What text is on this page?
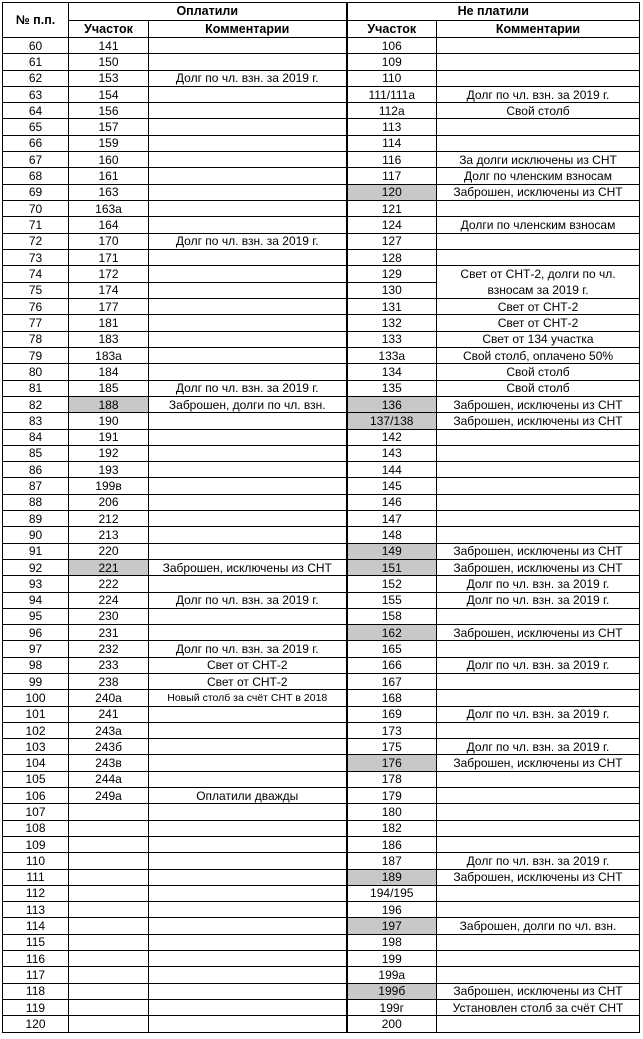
№ п.п.	Оплатили		Не платили	
	Участок	Комментарии	Участок	Комментарии
60	141		106	
61	150		109	
62	153	Долг по чл. взн. за 2019 г.	110	
63	154		111/111а	Долг по чл. взн. за 2019 г.
64	156		112а	Свой столб
65	157		113	
66	159		114	
67	160		116	За долги исключены из СНТ
68	161		117	Долг по членским взносам
69	163		120	Заброшен, исключены из СНТ
70	163а		121	
71	164		124	Долги по членским взносам
72	170	Долг по чл. взн. за 2019 г.	127	
73	171		128	
74	172		129	Свет от СНТ-2, долги по чл. взносам за 2019 г.
75	174		130	
76	177		131	Свет от СНТ-2
77	181		132	Свет от СНТ-2
78	183		133	Свет от 134 участка
79	183а		133а	Свой столб, оплачено 50%
80	184		134	Свой столб
81	185	Долг по чл. взн. за 2019 г.	135	Свой столб
82	188	Заброшен, долги по чл. взн.	136	Заброшен, исключены из СНТ
83	190		137/138	Заброшен, исключены из СНТ
84	191		142	
85	192		143	
86	193		144	
87	199в		145	
88	206		146	
89	212		147	
90	213		148	
91	220		149	Заброшен, исключены из СНТ
92	221	Заброшен, исключены из СНТ	151	Заброшен, исключены из СНТ
93	222		152	Долг по чл. взн. за 2019 г.
94	224	Долг по чл. взн. за 2019 г.	155	Долг по чл. взн. за 2019 г.
95	230		158	
96	231		162	Заброшен, исключены из СНТ
97	232	Долг по чл. взн. за 2019 г.	165	
98	233	Свет от СНТ-2	166	Долг по чл. взн. за 2019 г.
99	238	Свет от СНТ-2	167	
100	240а	Новый столб за счёт СНТ в 2018	168	
101	241		169	Долг по чл. взн. за 2019 г.
102	243а		173	
103	243б		175	Долг по чл. взн. за 2019 г.
104	243в		176	Заброшен, исключены из СНТ
105	244а		178	
106	249а	Оплатили дважды	179	
107			180	
108			182	
109			186	
110			187	Долг по чл. взн. за 2019 г.
111			189	Заброшен, исключены из СНТ
112			194/195	
113			196	
114			197	Заброшен, долги по чл. взн.
115			198	
116			199	
117			199а	
118			199б	Заброшен, исключены из СНТ
119			199г	Установлен столб за счёт СНТ
120			200	
